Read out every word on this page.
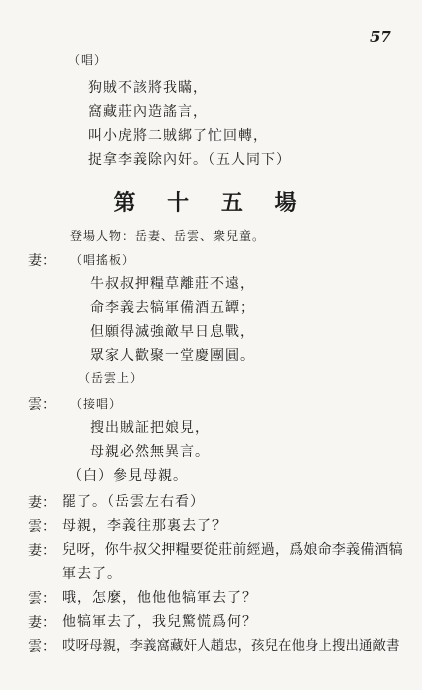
57
（唱）
狗賊不該將我瞞，
窩藏莊內造謠言，
叫小虎將二賊綁了忙回轉，
捉拿李義除內奸。（五人同下）
第 十 五 場
登場人物：岳妻、岳雲、衆兒童。
妻： （唱搖板）
牛叔叔押糧草離莊不遠，
命李義去犒軍備酒五罈；
但願得滅強敵早日息戰，
眾家人歡聚一堂慶團圓。
（岳雲上）
雲： （接唱）
搜出賊証把娘見，
母親必然無異言。
（白）參見母親。
妻： 罷了。（岳雲左右看）
雲： 母親，李義往那裏去了？
妻： 兒呀，你牛叔父押糧要從莊前經過，爲娘命李義備酒犒
軍去了。
雲： 哦，怎麼，他他他犒軍去了？
妻： 他犒軍去了，我兒驚慌爲何？
雲： 哎呀母親，李義窩藏奸人趙忠，孩兒在他身上搜出通敵書
